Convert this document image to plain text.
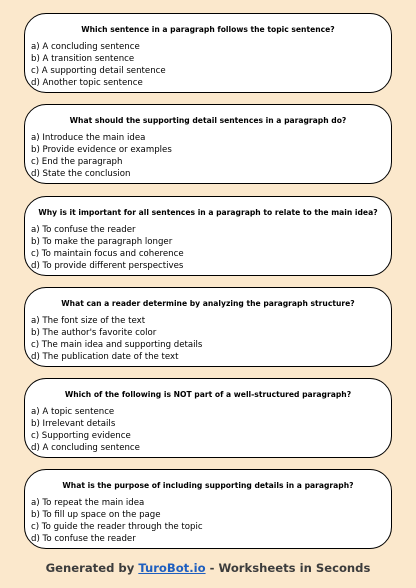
Which sentence in a paragraph follows the topic sentence?
a) A concluding sentence
b) A transition sentence
c) A supporting detail sentence
d) Another topic sentence
What should the supporting detail sentences in a paragraph do?
a) Introduce the main idea
b) Provide evidence or examples
c) End the paragraph
d) State the conclusion
Why is it important for all sentences in a paragraph to relate to the main idea?
a) To confuse the reader
b) To make the paragraph longer
c) To maintain focus and coherence
d) To provide different perspectives
What can a reader determine by analyzing the paragraph structure?
a) The font size of the text
b) The author's favorite color
c) The main idea and supporting details
d) The publication date of the text
Which of the following is NOT part of a well-structured paragraph?
a) A topic sentence
b) Irrelevant details
c) Supporting evidence
d) A concluding sentence
What is the purpose of including supporting details in a paragraph?
a) To repeat the main idea
b) To fill up space on the page
c) To guide the reader through the topic
d) To confuse the reader
Generated by TuroBot.io - Worksheets in Seconds
